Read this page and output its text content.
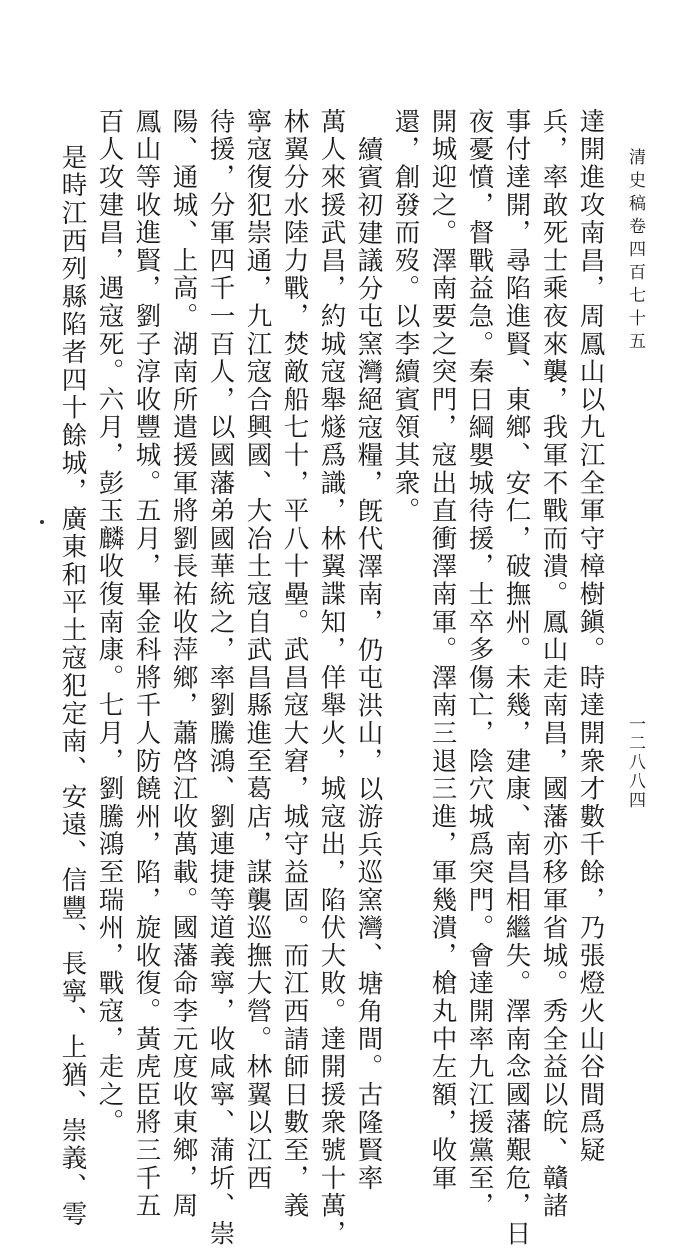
清史稿卷四百七十五
一二八八四
達開進攻南昌，周鳳山以九江全軍守樟樹鎭。時達開衆才數千餘，乃張燈火山谷間爲疑
兵，率敢死士乘夜來襲，我軍不戰而潰。鳳山走南昌，國藩亦移軍省城。秀全益以皖、贛諸
事付達開，尋陷進賢、東鄉、安仁，破撫州。未幾，建康、南昌相繼失。澤南念國藩艱危，日
夜憂憤，督戰益急。秦日綱嬰城待援，士卒多傷亡，陰穴城爲突門。會達開率九江援黨至，
開城迎之。澤南要之突門，寇出直衝澤南軍。澤南三退三進，軍幾潰，槍丸中左額，收軍
還，創發而歿。以李續賓領其衆。
續賓初建議分屯窯灣絕寇糧，旣代澤南，仍屯洪山，以游兵巡窯灣、塘角間。古隆賢率
萬人來援武昌，約城寇舉燧爲識，林翼諜知，佯舉火，城寇出，陷伏大敗。達開援衆號十萬，
林翼分水陸力戰，焚敵船七十，平八十壘。武昌寇大窘，城守益固。而江西請師日數至，義
寧寇復犯崇通，九江寇合興國、大冶土寇自武昌縣進至葛店，謀襲巡撫大營。林翼以江西
待援，分軍四千一百人，以國藩弟國華統之，率劉騰鴻、劉連捷等道義寧，收咸寧、蒲圻、崇
陽、通城、上高。湖南所遣援軍將劉長祐收萍鄉，蕭啓江收萬載。國藩命李元度收東鄉，周
鳳山等收進賢，劉子淳收豐城。五月，畢金科將千人防饒州，陷，旋收復。黃虎臣將三千五
百人攻建昌，遇寇死。六月，彭玉麟收復南康。七月，劉騰鴻至瑞州，戰寇，走之。
是時江西列縣陷者四十餘城，廣東和平土寇犯定南、安遠、信豐、長寧、上猶、崇義、雩
